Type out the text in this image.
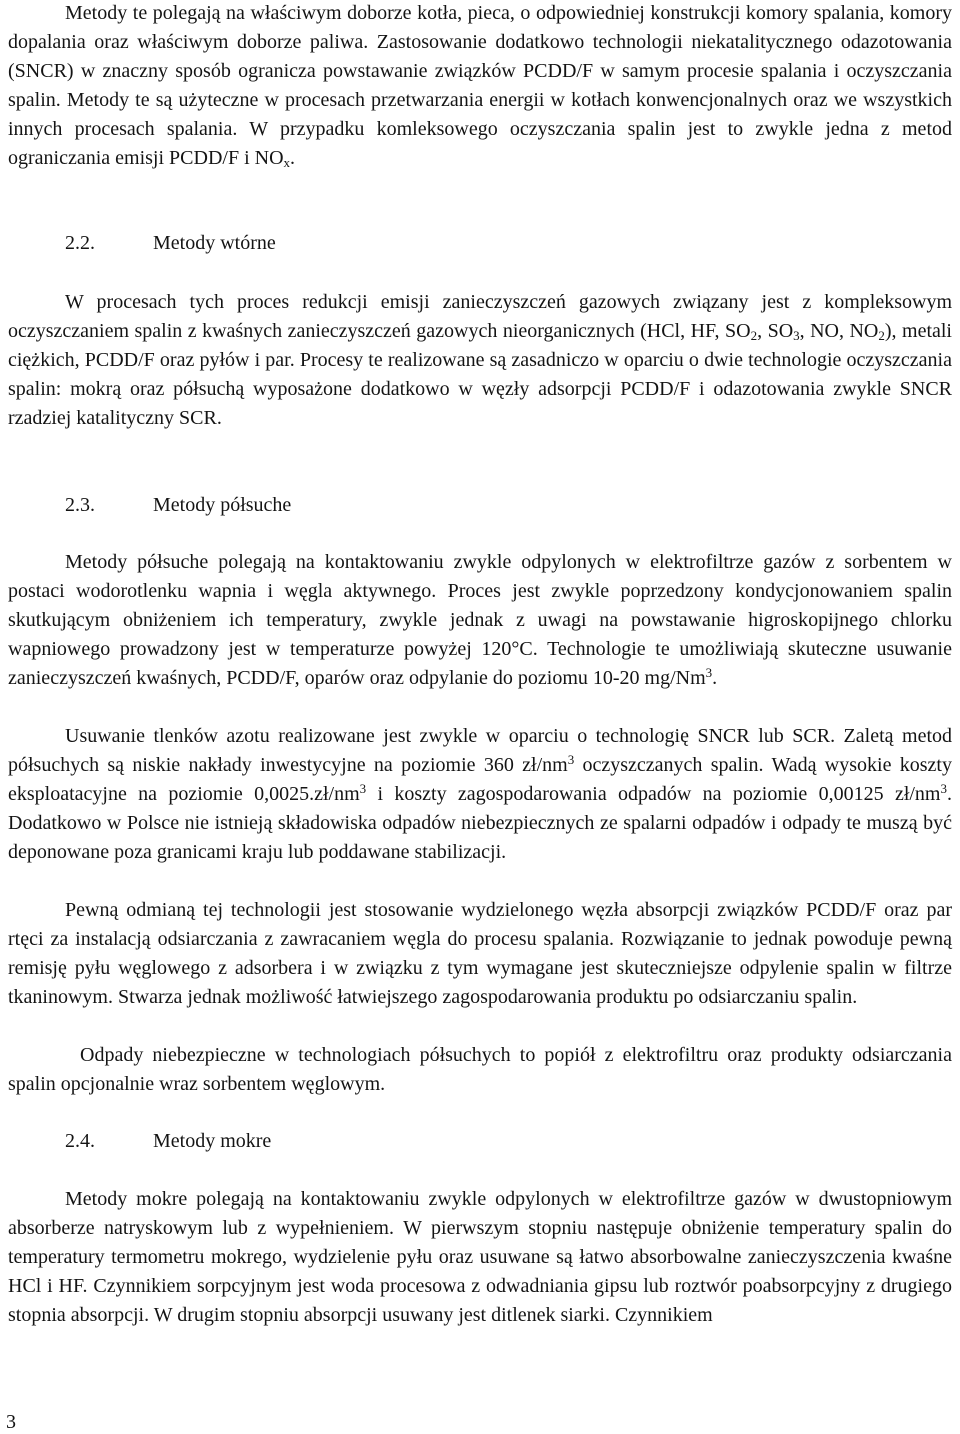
Metody te polegają na właściwym doborze kotła, pieca, o odpowiedniej konstrukcji komory spalania, komory dopalania oraz właściwym doborze paliwa. Zastosowanie dodatkowo technologii niekatalitycznego odazotowania (SNCR) w znaczny sposób ogranicza powstawanie związków PCDD/F w samym procesie spalania i oczyszczania spalin. Metody te są użyteczne w procesach przetwarzania energii w kotłach konwencjonalnych oraz we wszystkich innych procesach spalania. W przypadku komleksowego oczyszczania spalin jest to zwykle jedna z metod ograniczania emisji PCDD/F i $NO_x$.

2.2.	Metody wtórne

W procesach tych proces redukcji emisji zanieczyszczeń gazowych związany jest z kompleksowym oczyszczaniem spalin z kwaśnych zanieczyszczeń gazowych nieorganicznych (HCl, HF, $SO_2$, $SO_3$, NO, $NO_2$), metali ciężkich, PCDD/F oraz pyłów i par. Procesy te realizowane są zasadniczo w oparciu o dwie technologie oczyszczania spalin: mokrą oraz półsuchą wyposażone dodatkowo w węzły adsorpcji PCDD/F i odazotowania zwykle SNCR rzadziej katalityczny SCR.

2.3.	Metody półsuche

Metody półsuche polegają na kontaktowaniu zwykle odpylonych w elektrofiltrze gazów z sorbentem w postaci wodorotlenku wapnia i węgla aktywnego. Proces jest zwykle poprzedzony kondycjonowaniem spalin skutkującym obniżeniem ich temperatury, zwykle jednak z uwagi na powstawanie higroskopijnego chlorku wapniowego prowadzony jest w temperaturze powyżej 120°C. Technologie te umożliwiają skuteczne usuwanie zanieczyszczeń kwaśnych, PCDD/F, oparów oraz odpylanie do poziomu 10-20 mg/Nm$^3$.

Usuwanie tlenków azotu realizowane jest zwykle w oparciu o technologię SNCR lub SCR. Zaletą metod półsuchych są niskie nakłady inwestycyjne na poziomie 360 $zł/nm^3$ oczyszczanych spalin. Wadą wysokie koszty eksploatacyjne na poziomie $0,0025.zł/nm^3$ i koszty zagospodarowania odpadów na poziomie 0,00125 $zł/nm^3$. Dodatkowo w Polsce nie istnieją składowiska odpadów niebezpiecznych ze spalarni odpadów i odpady te muszą być deponowane poza granicami kraju lub poddawane stabilizacji.

Pewną odmianą tej technologii jest stosowanie wydzielonego węzła absorpcji związków PCDD/F oraz par rtęci za instalacją odsiarczania z zawracaniem węgla do procesu spalania. Rozwiązanie to jednak powoduje pewną remisję pyłu węglowego z adsorbera i w związku z tym wymagane jest skuteczniejsze odpylenie spalin w filtrze tkaninowym. Stwarza jednak możliwość łatwiejszego zagospodarowania produktu po odsiarczaniu spalin.

Odpady niebezpieczne w technologiach półsuchych to popiół z elektrofiltru oraz produkty odsiarczania spalin opcjonalnie wraz sorbentem węglowym.

2.4.	Metody mokre

Metody mokre polegają na kontaktowaniu zwykle odpylonych w elektrofiltrze gazów w dwustopniowym absorberze natryskowym lub z wypełnieniem. W pierwszym stopniu następuje obniżenie temperatury spalin do temperatury termometru mokrego, wydzielenie pyłu oraz usuwane są łatwo absorbowalne zanieczyszczenia kwaśne HCl i HF. Czynnikiem sorpcyjnym jest woda procesowa z odwadniania gipsu lub roztwór poabsorpcyjny z drugiego stopnia absorpcji. W drugim stopniu absorpcji usuwany jest ditlenek siarki. Czynnikiem

3
